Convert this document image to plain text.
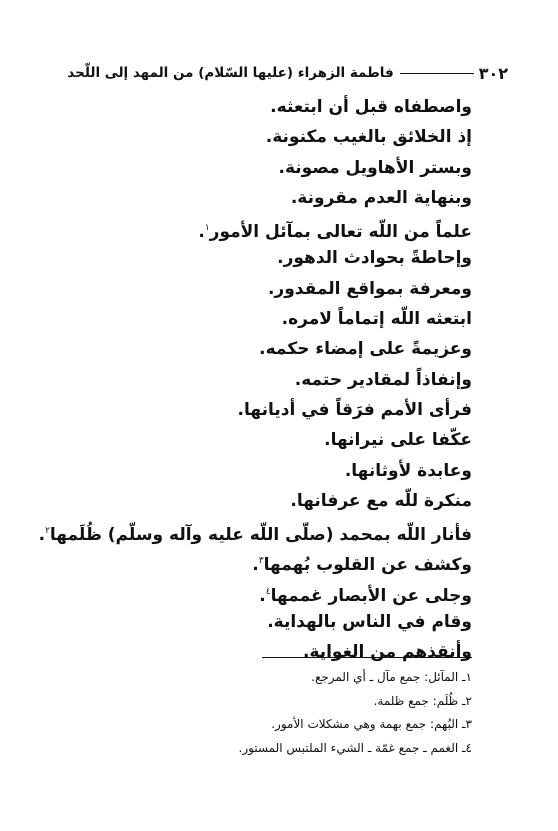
٣٠٢
فاطمة الزهراء (عليها السّلام) من المهد إلى اللّحد
واصطفاه قبل أن ابتعثه.
إذ الخلائق بالغيب مكنونة.
وبستر الأهاويل مصونة.
وبنهاية العدم مقرونة.
علماً من اللّه تعالى بمآئل الأمور$^١$.
وإحاطةً بحوادث الدهور.
ومعرفة بمواقع المقدور.
ابتعثه اللّه إتماماً لامره.
وعزيمةً على إمضاء حكمه.
وإنفاذاً لمقادير حتمه.
فرأى الأمم فرَقاً في أديانها.
عكّفا على نيرانها.
وعابدة لأوثانها.
منكرة للّه مع عرفانها.
فأنار اللّه بمحمد (صلّى اللّه عليه وآله وسلّم) ظُلَمها$^٢$.
وكشف عن القلوب بُهمها$^٣$.
وجلى عن الأبصار غممها$^٤$.
وقام في الناس بالهداية.
وأنقذهم من الغواية.
١ـ المآئل: جمع مآل ـ أي المرجع.
٢ـ ظُلَم: جمع ظلمة.
٣ـ البُهم: جمع بهمة وهي مشكلات الأمور.
٤ـ الغمم ـ جمع غمّة ـ الشيء الملتبس المستور.
